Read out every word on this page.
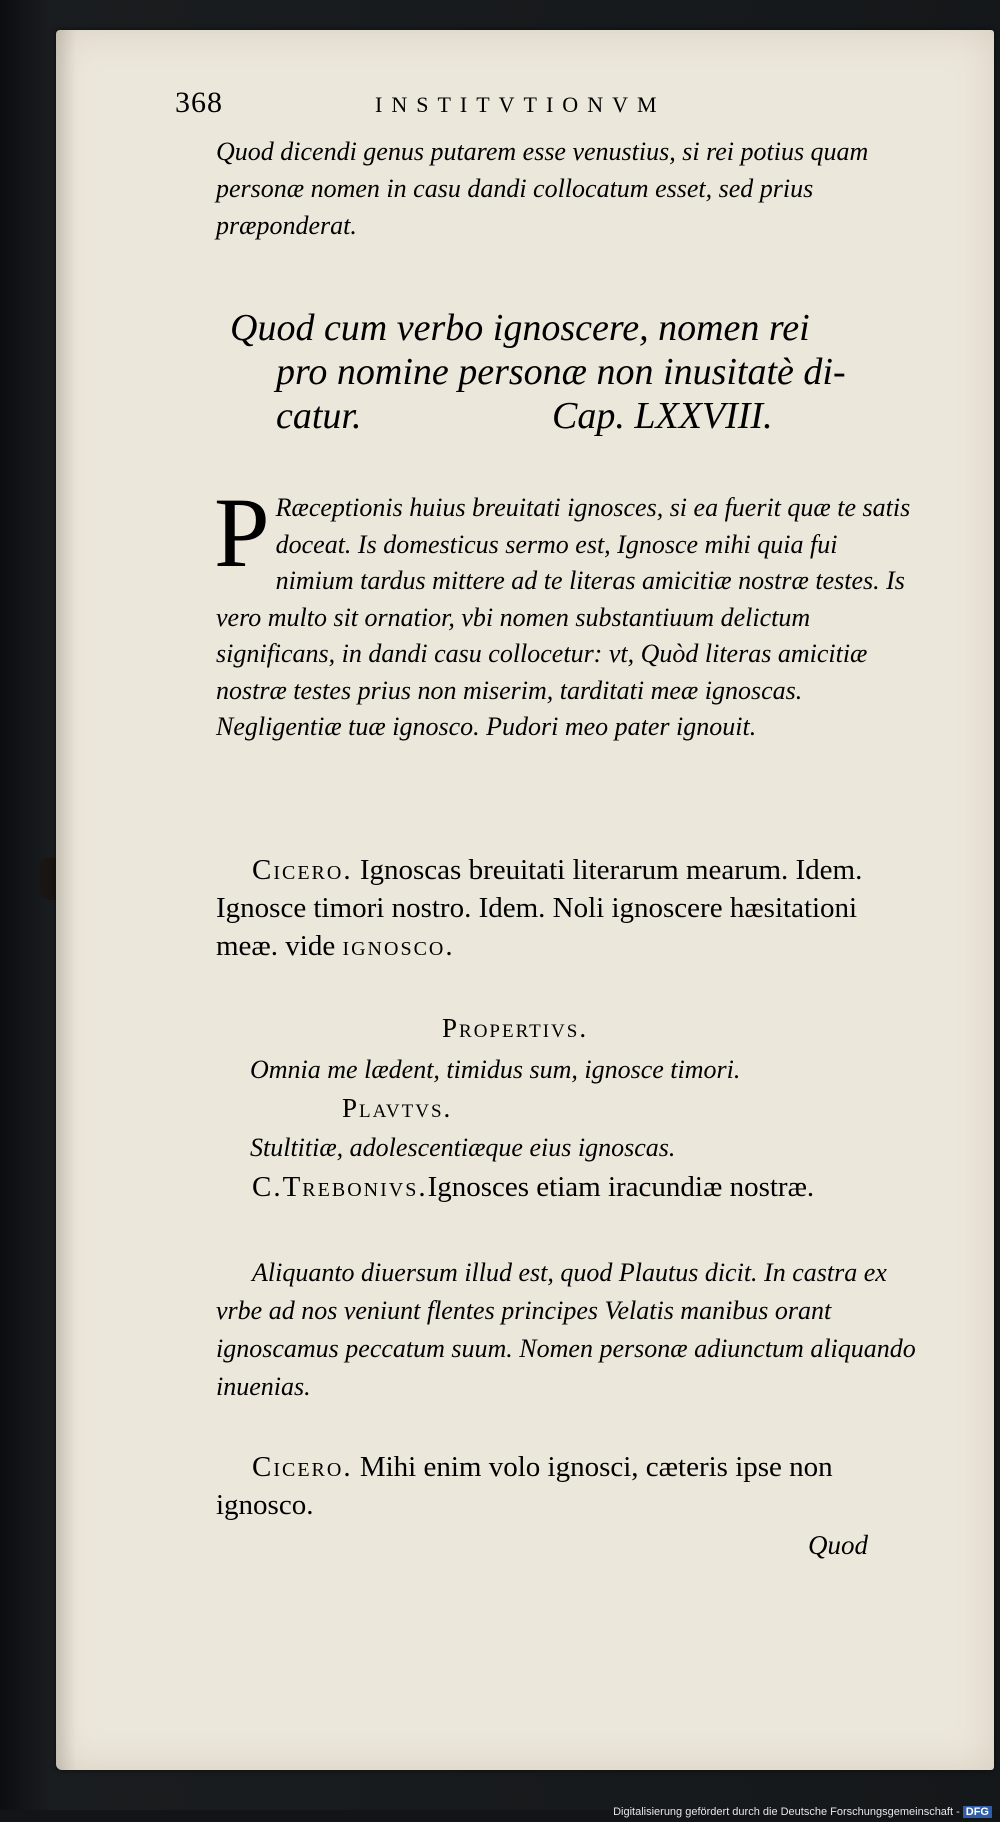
368	INSTITVTIONVM
Quod dicendi genus putarem esse venustius, si rei potius quam personæ nomen in casu dandi collocatum esset, sed prius præponderat.
Quod cum verbo ignoscere, nomen rei
pro nomine personæ non inusitatè di-
catur.	Cap. LXXVIII.
P Ræceptionis huius breuitati ignosces, si ea fuerit quæ te satis doceat. Is domesticus sermo est, Ignosce mihi quia fui nimium tardus mittere ad te literas amicitiæ nostræ testes. Is vero multo sit ornatior, vbi nomen substantiuum delictum significans, in dandi casu collocetur: vt, Quòd literas amicitiæ nostræ testes prius non miserim, tarditati meæ ignoscas. Negligentiæ tuæ ignosco. Pudori meo pater ignouit.
Cicero. Ignoscas breuitati literarum mearum. Idem. Ignosce timori nostro. Idem. Noli ignoscere hæsitationi meæ. vide ignosco.
Propertivs.
Omnia me lædent, timidus sum, ignosce timori.
Plavtvs.
Stultitiæ, adolescentiæque eius ignoscas.
C.Trebonivs.Ignosces etiam iracundiæ nostræ.
Aliquanto diuersum illud est, quod Plautus dicit. In castra ex vrbe ad nos veniunt flentes principes Velatis manibus orant ignoscamus peccatum suum. Nomen personæ adiunctum aliquando inuenias.
Cicero. Mihi enim volo ignosci, cæteris ipse non ignosco.
Quod
Digitalisierung gefördert durch die Deutsche Forschungsgemeinschaft - DFG
